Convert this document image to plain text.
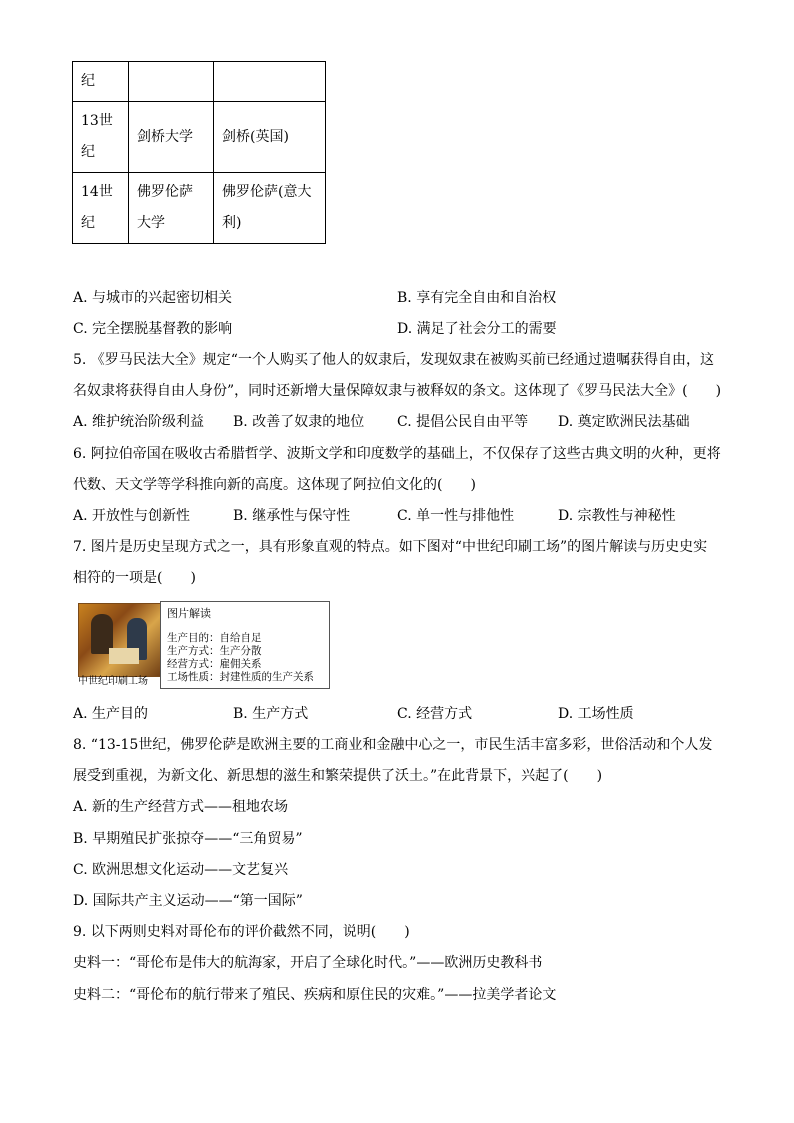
纪		
13世纪	剑桥大学	剑桥(英国)
14世纪	佛罗伦萨大学	佛罗伦萨(意大利)
A. 与城市的兴起密切相关	B. 享有完全自由和自治权
C. 完全摆脱基督教的影响	D. 满足了社会分工的需要
5. 《罗马民法大全》规定“一个人购买了他人的奴隶后，发现奴隶在被购买前已经通过遗嘱获得自由，这
名奴隶将获得自由人身份”，同时还新增大量保障奴隶与被释奴的条文。这体现了《罗马民法大全》(　　)
A. 维护统治阶级利益 B. 改善了奴隶的地位 C. 提倡公民自由平等 D. 奠定欧洲民法基础
6. 阿拉伯帝国在吸收古希腊哲学、波斯文学和印度数学的基础上，不仅保存了这些古典文明的火种，更将
代数、天文学等学科推向新的高度。这体现了阿拉伯文化的(　　)
A. 开放性与创新性	B. 继承性与保守性	C. 单一性与排他性	D. 宗教性与神秘性
7. 图片是历史呈现方式之一，具有形象直观的特点。如下图对“中世纪印刷工场”的图片解读与历史史实
相符的一项是(　　)
中世纪印刷工场
图片解读
生产目的：自给自足
生产方式：生产分散
经营方式：雇佣关系
工场性质：封建性质的生产关系
A. 生产目的	B. 生产方式	C. 经营方式	D. 工场性质
8. “13-15世纪，佛罗伦萨是欧洲主要的工商业和金融中心之一，市民生活丰富多彩，世俗活动和个人发
展受到重视，为新文化、新思想的滋生和繁荣提供了沃土。”在此背景下，兴起了(　　)
A. 新的生产经营方式——租地农场
B. 早期殖民扩张掠夺——“三角贸易”
C. 欧洲思想文化运动——文艺复兴
D. 国际共产主义运动——“第一国际”
9. 以下两则史料对哥伦布的评价截然不同，说明(　　)
史料一：“哥伦布是伟大的航海家，开启了全球化时代。”——欧洲历史教科书
史料二：“哥伦布的航行带来了殖民、疾病和原住民的灾难。”——拉美学者论文
